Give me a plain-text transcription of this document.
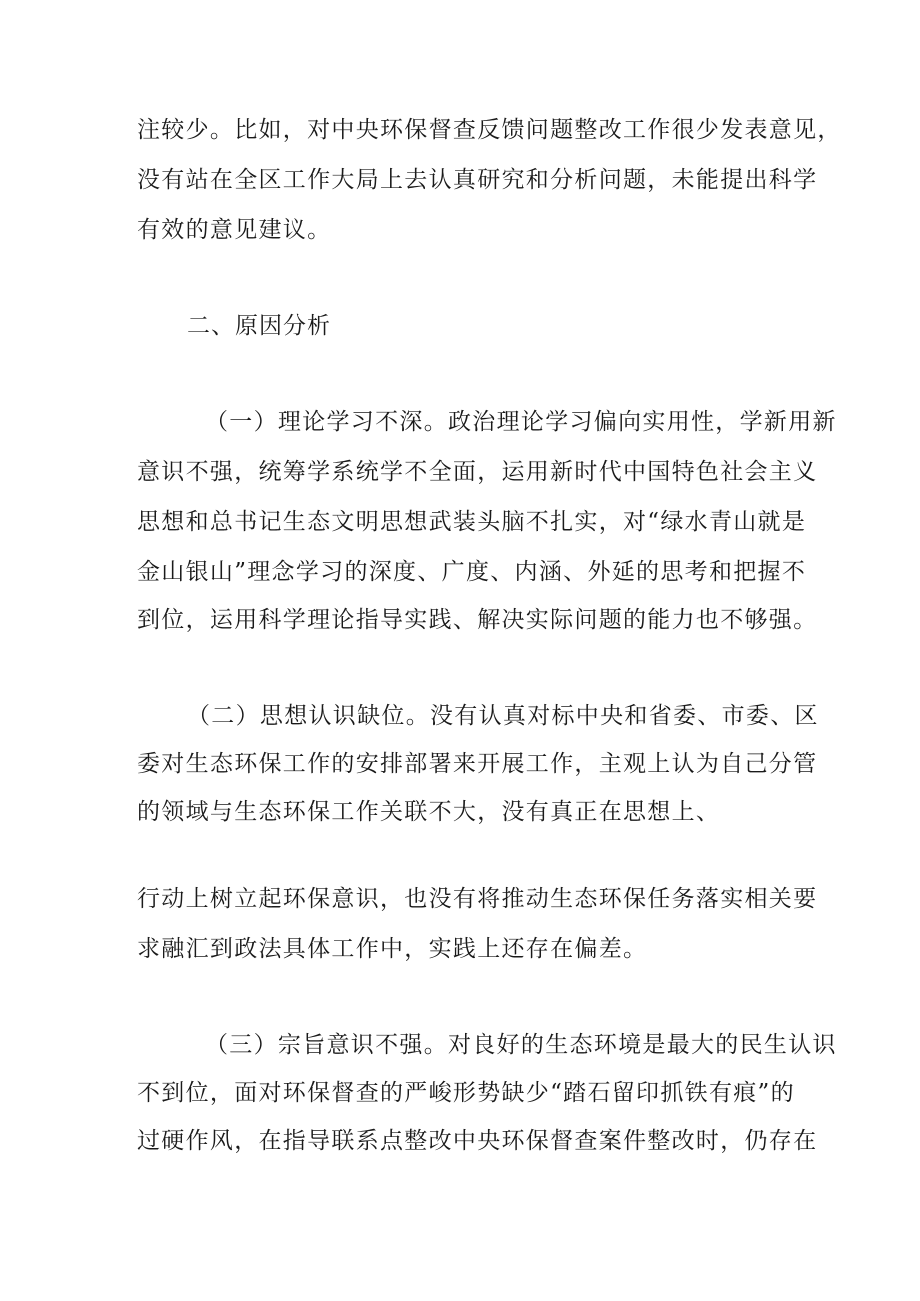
注较少。比如，对中央环保督查反馈问题整改工作很少发表意见，
没有站在全区工作大局上去认真研究和分析问题，未能提出科学
有效的意见建议。
二、原因分析
（一）理论学习不深。政治理论学习偏向实用性，学新用新
意识不强，统筹学系统学不全面，运用新时代中国特色社会主义
思想和总书记生态文明思想武装头脑不扎实，对“绿水青山就是
金山银山”理念学习的深度、广度、内涵、外延的思考和把握不
到位，运用科学理论指导实践、解决实际问题的能力也不够强。
（二）思想认识缺位。没有认真对标中央和省委、市委、区
委对生态环保工作的安排部署来开展工作，主观上认为自己分管
的领域与生态环保工作关联不大，没有真正在思想上、
行动上树立起环保意识，也没有将推动生态环保任务落实相关要
求融汇到政法具体工作中，实践上还存在偏差。
（三）宗旨意识不强。对良好的生态环境是最大的民生认识
不到位，面对环保督查的严峻形势缺少“踏石留印抓铁有痕”的
过硬作风，在指导联系点整改中央环保督查案件整改时，仍存在
